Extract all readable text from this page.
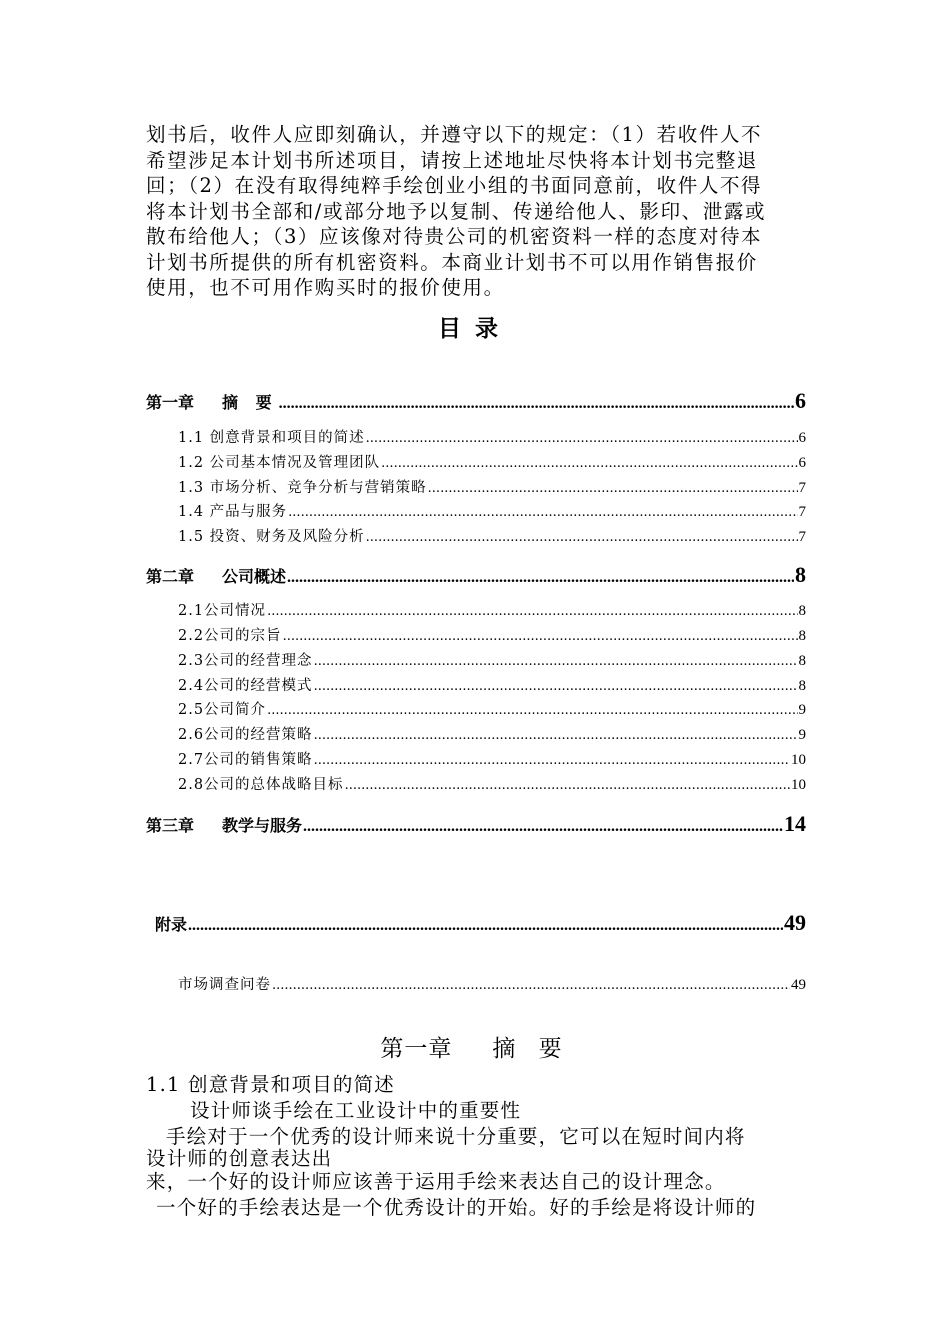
划书后，收件人应即刻确认，并遵守以下的规定：（1）若收件人不
希望涉足本计划书所述项目，请按上述地址尽快将本计划书完整退
回；（2）在没有取得纯粹手绘创业小组的书面同意前，收件人不得
将本计划书全部和/或部分地予以复制、传递给他人、影印、泄露或
散布给他人；（3）应该像对待贵公司的机密资料一样的态度对待本
计划书所提供的所有机密资料。本商业计划书不可以用作销售报价
使用，也不可用作购买时的报价使用。
目录
第一章 摘 要 .....	6
1.1 创意背景和项目的简述 .....	6
1.2 公司基本情况及管理团队 .....	6
1.3 市场分析、竞争分析与营销策略 .....	7
1.4 产品与服务 .....	7
1.5 投资、财务及风险分析 .....	7
第二章 公司概述 .....	8
2.1公司情况 .....	8
2.2公司的宗旨 .....	8
2.3公司的经营理念 .....	8
2.4公司的经营模式 .....	8
2.5公司简介 .....	9
2.6公司的经营策略 .....	9
2.7公司的销售策略 .....	10
2.8公司的总体战略目标 .....	10
第三章 教学与服务 .....	14
附录 .....	49
市场调查问卷 .....	49
第一章 摘 要
1.1 创意背景和项目的简述
设计师谈手绘在工业设计中的重要性
手绘对于一个优秀的设计师来说十分重要，它可以在短时间内将
设计师的创意表达出
来，一个好的设计师应该善于运用手绘来表达自己的设计理念。
一个好的手绘表达是一个优秀设计的开始。好的手绘是将设计师的
